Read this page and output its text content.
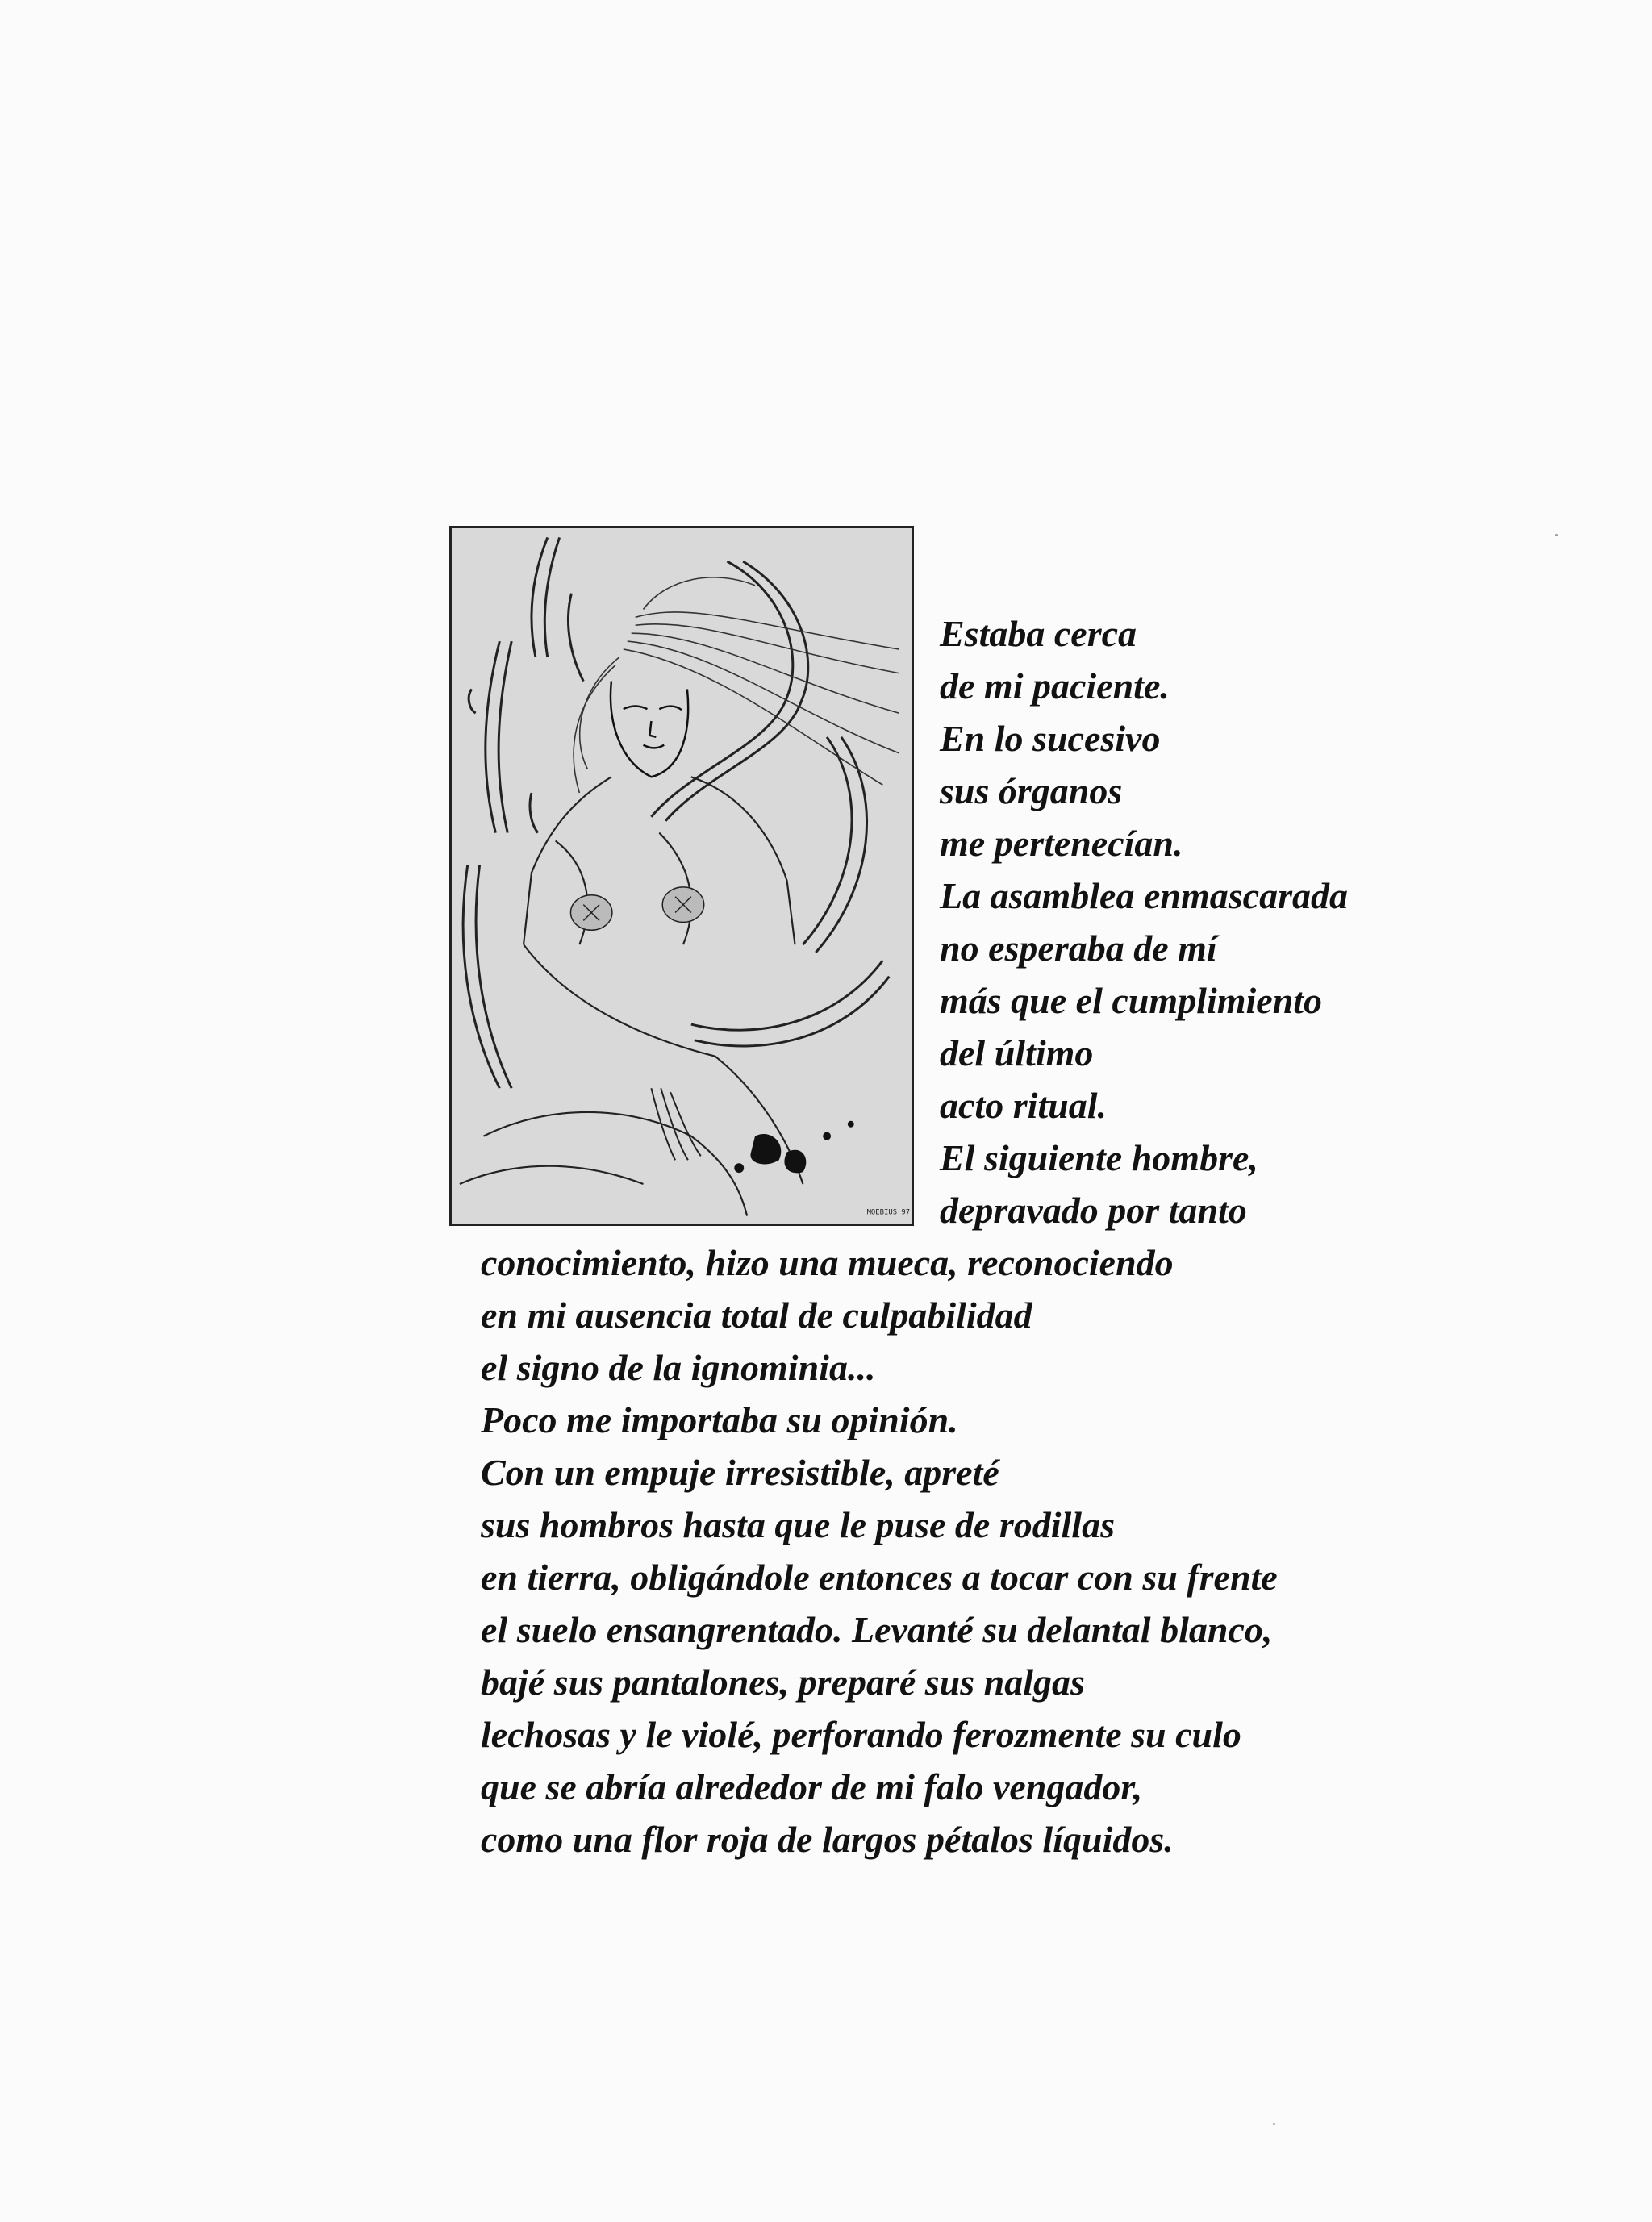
MOEBIUS 97
Estaba cerca
de mi paciente.
En lo sucesivo
sus órganos
me pertenecían.
La asamblea enmascarada
no esperaba de mí
más que el cumplimiento
del último
acto ritual.
El siguiente hombre,
depravado por tanto
conocimiento, hizo una mueca, reconociendo
en mi ausencia total de culpabilidad
el signo de la ignominia...
Poco me importaba su opinión.
Con un empuje irresistible, apreté
sus hombros hasta que le puse de rodillas
en tierra, obligándole entonces a tocar con su frente
el suelo ensangrentado. Levanté su delantal blanco,
bajé sus pantalones, preparé sus nalgas
lechosas y le violé, perforando ferozmente su culo
que se abría alrededor de mi falo vengador,
como una flor roja de largos pétalos líquidos.
